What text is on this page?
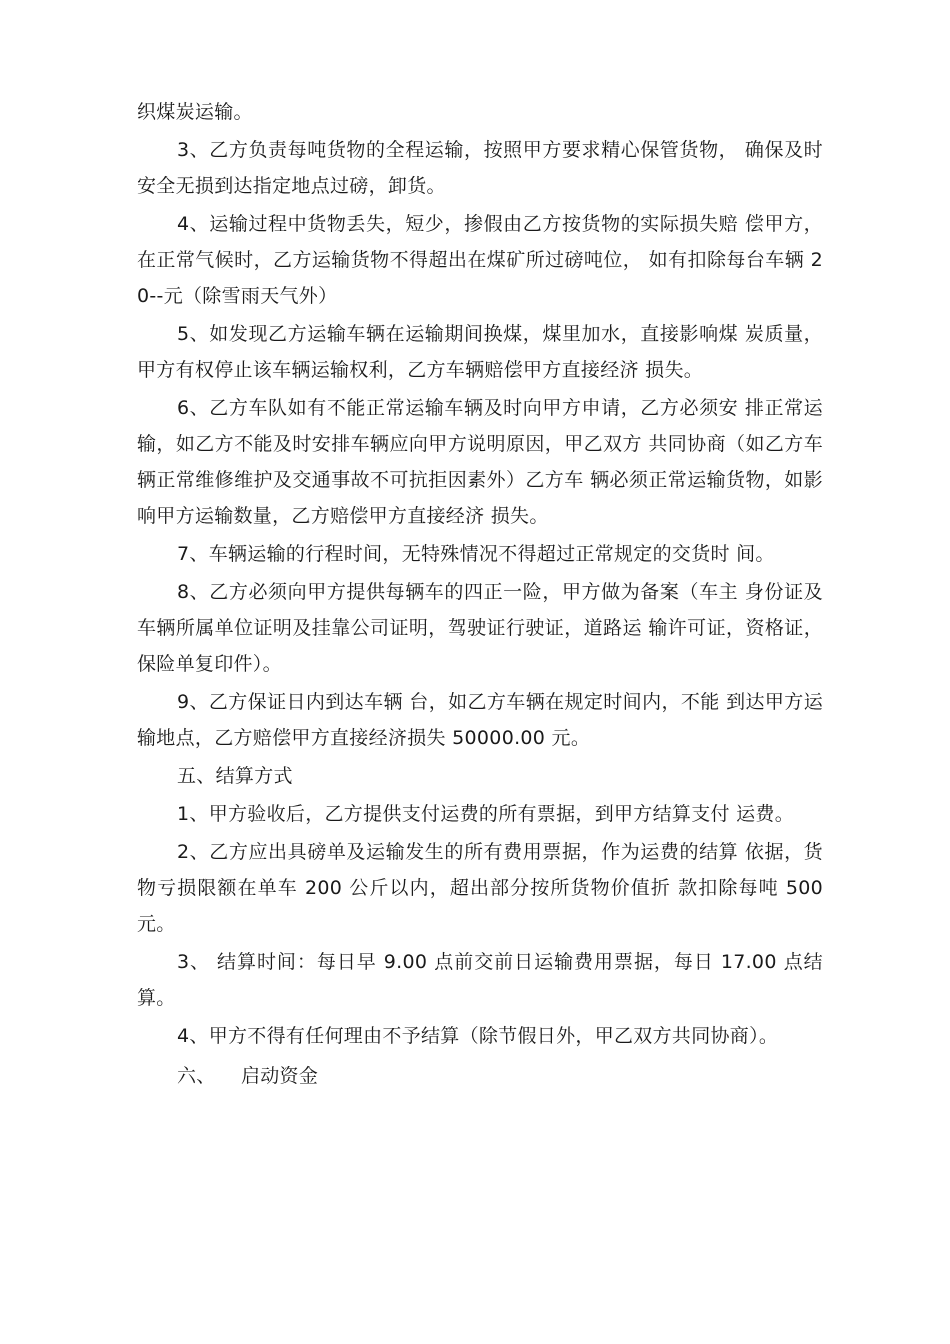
织煤炭运输。

3、乙方负责每吨货物的全程运输，按照甲方要求精心保管货物， 确保及时安全无损到达指定地点过磅，卸货。

4、运输过程中货物丢失，短少，掺假由乙方按货物的实际损失赔 偿甲方，在正常气候时，乙方运输货物不得超出在煤矿所过磅吨位， 如有扣除每台车辆 20--元（除雪雨天气外）

5、如发现乙方运输车辆在运输期间换煤，煤里加水，直接影响煤 炭质量，甲方有权停止该车辆运输权利，乙方车辆赔偿甲方直接经济 损失。

6、乙方车队如有不能正常运输车辆及时向甲方申请，乙方必须安 排正常运输，如乙方不能及时安排车辆应向甲方说明原因，甲乙双方 共同协商（如乙方车辆正常维修维护及交通事故不可抗拒因素外）乙方车 辆必须正常运输货物，如影响甲方运输数量，乙方赔偿甲方直接经济 损失。

7、车辆运输的行程时间，无特殊情况不得超过正常规定的交货时 间。

8、乙方必须向甲方提供每辆车的四正一险，甲方做为备案（车主 身份证及车辆所属单位证明及挂靠公司证明，驾驶证行驶证，道路运 输许可证，资格证，保险单复印件）。

9、乙方保证日内到达车辆 台，如乙方车辆在规定时间内，不能 到达甲方运输地点，乙方赔偿甲方直接经济损失 50000.00 元。

五、结算方式

1、甲方验收后，乙方提供支付运费的所有票据，到甲方结算支付 运费。

2、乙方应出具磅单及运输发生的所有费用票据，作为运费的结算 依据，货物亏损限额在单车 200 公斤以内，超出部分按所货物价值折 款扣除每吨 500 元。

3、 结算时间：每日早 9.00 点前交前日运输费用票据，每日 17.00 点结算。

4、甲方不得有任何理由不予结算（除节假日外，甲乙双方共同协商）。

六、    启动资金
